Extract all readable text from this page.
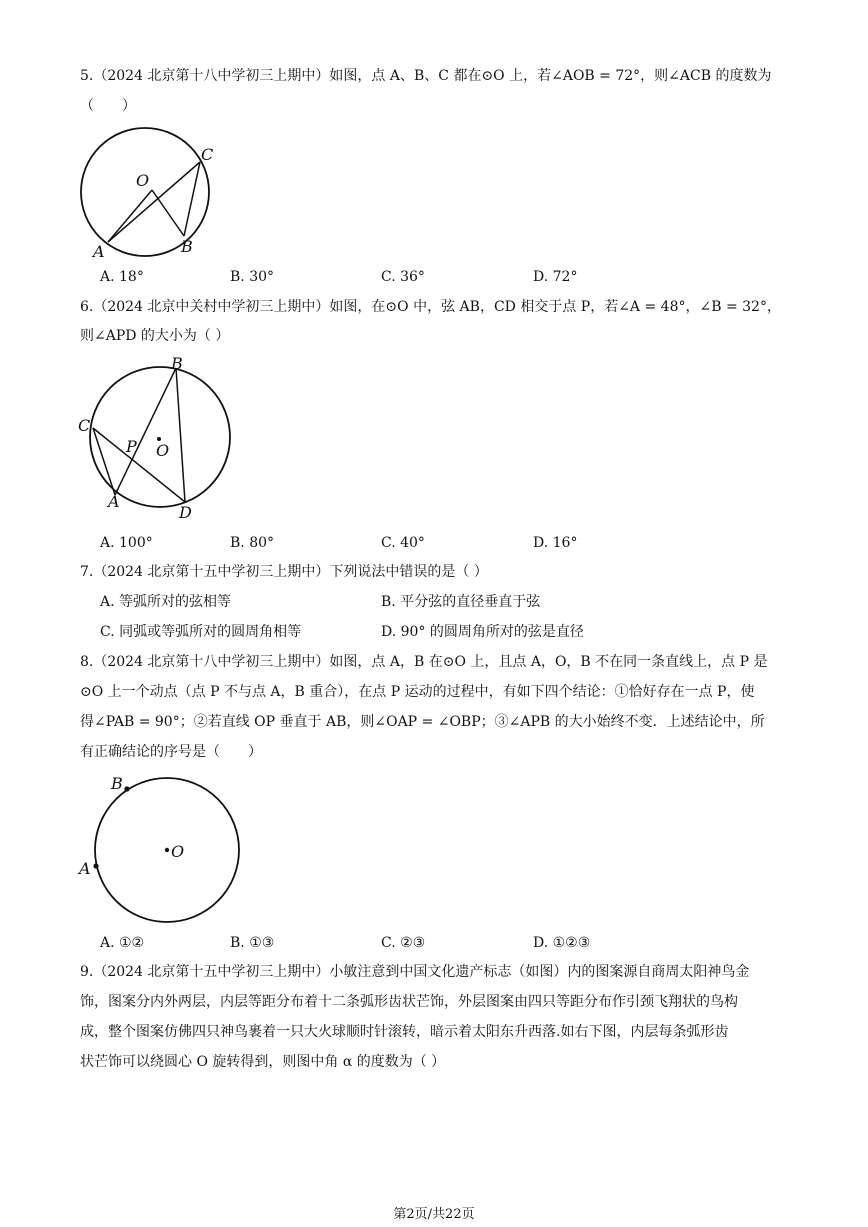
5.（2024 北京第十八中学初三上期中）如图，点 A、B、C 都在⊙O 上，若∠AOB = 72°，则∠ACB 的度数为
（　　）
O
A	B
C
A. 18°	B. 30°	C. 36°	D. 72°
6.（2024 北京中关村中学初三上期中）如图，在⊙O 中，弦 AB，CD 相交于点 P，若∠A = 48°，∠B = 32°，
则∠APD 的大小为（ ）
O
B
C
A
D
P
A. 100°	B. 80°	C. 40°	D. 16°
7.（2024 北京第十五中学初三上期中）下列说法中错误的是（ ）
A. 等弧所对的弦相等	B. 平分弦的直径垂直于弦
C. 同弧或等弧所对的圆周角相等	D. 90° 的圆周角所对的弦是直径
8.（2024 北京第十八中学初三上期中）如图，点 A，B 在⊙O 上，且点 A，O，B 不在同一条直线上，点 P 是
⊙O 上一个动点（点 P 不与点 A，B 重合），在点 P 运动的过程中，有如下四个结论：①恰好存在一点 P，使
得∠PAB = 90°；②若直线 OP 垂直于 AB，则∠OAP = ∠OBP；③∠APB 的大小始终不变．上述结论中，所
有正确结论的序号是（　　）
B
A
O
A. ①②	B. ①③	C. ②③	D. ①②③
9.（2024 北京第十五中学初三上期中）小敏注意到中国文化遗产标志（如图）内的图案源自商周太阳神鸟金
饰，图案分内外两层，内层等距分布着十二条弧形齿状芒饰，外层图案由四只等距分布作引颈飞翔状的鸟构
成，整个图案仿佛四只神鸟裹着一只大火球顺时针滚转，暗示着太阳东升西落.如右下图，内层每条弧形齿
状芒饰可以绕圆心 O 旋转得到，则图中角 α 的度数为（ ）
第2页/共22页
